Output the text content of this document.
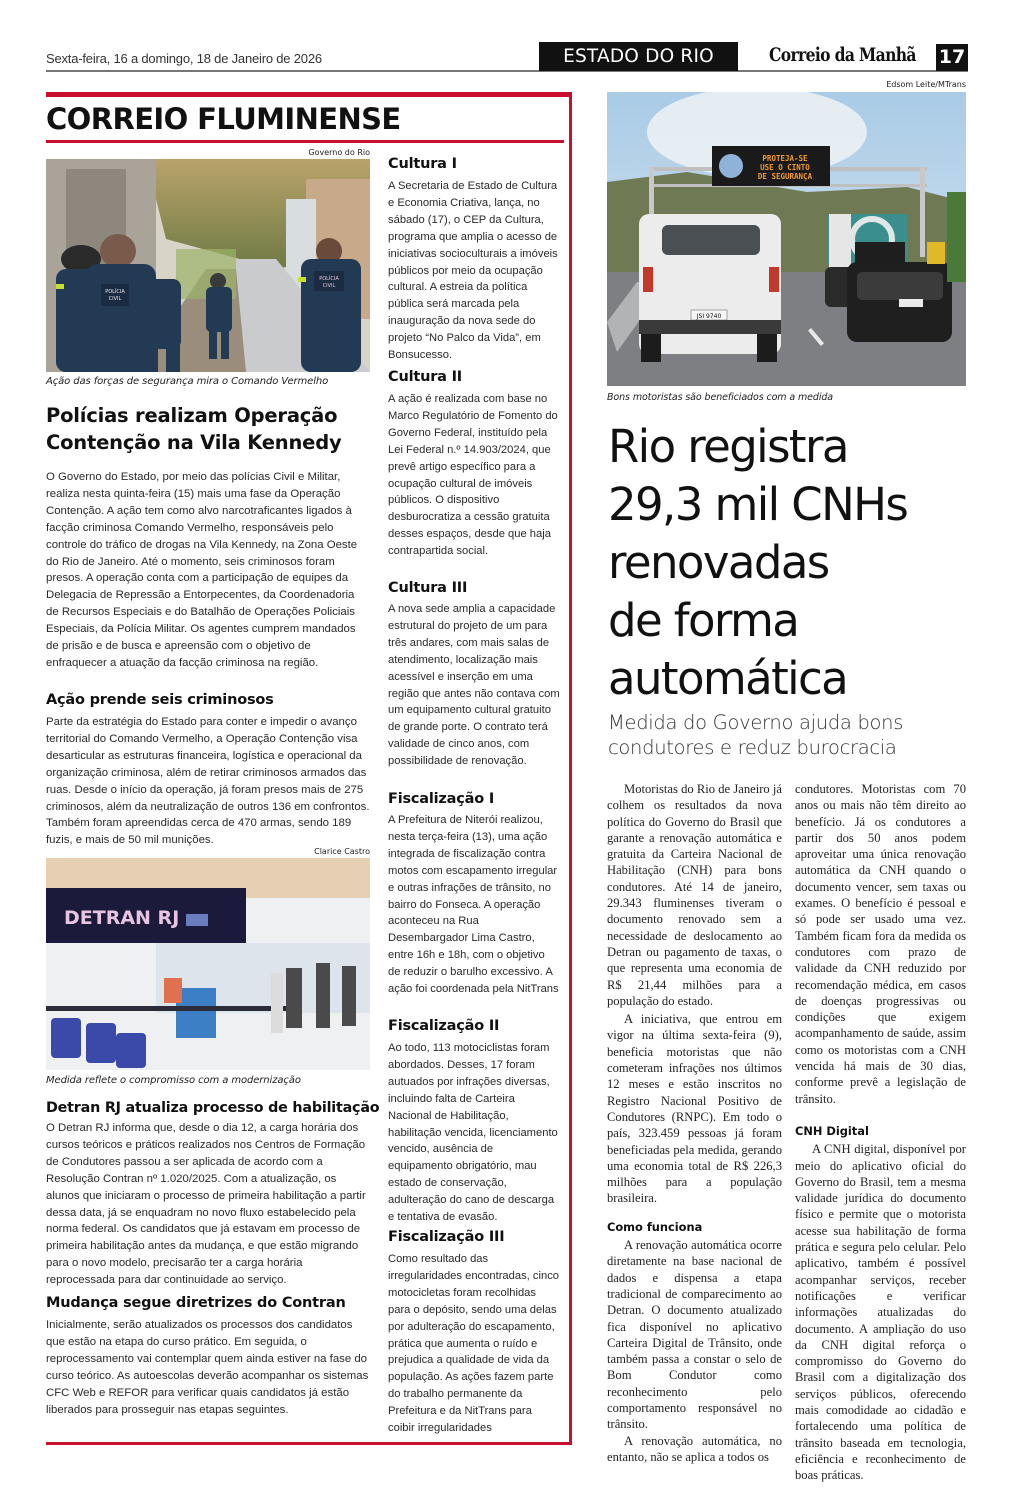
Sexta-feira, 16 a domingo, 18 de Janeiro de 2026	ESTADO DO RIO	Correio da Manhã 17
CORREIO FLUMINENSE
Governo do Rio
POLÍCIA
CIVIL
POLÍCIA
CIVIL
Ação das forças de segurança mira o Comando Vermelho
Polícias realizam Operação Contenção na Vila Kennedy

O Governo do Estado, por meio das polícias Civil e Militar, realiza nesta quinta-feira (15) mais uma fase da Operação Contenção. A ação tem como alvo narcotraficantes ligados à facção criminosa Comando Vermelho, responsáveis pelo controle do tráfico de drogas na Vila Kennedy, na Zona Oeste do Rio de Janeiro. Até o momento, seis criminosos foram presos. A operação conta com a participação de equipes da Delegacia de Repressão a Entorpecentes, da Coordenadoria de Recursos Especiais e do Batalhão de Operações Policiais Especiais, da Polícia Militar. Os agentes cumprem mandados de prisão e de busca e apreensão com o objetivo de enfraquecer a atuação da facção criminosa na região.

Ação prende seis criminosos

Parte da estratégia do Estado para conter e impedir o avanço territorial do Comando Vermelho, a Operação Contenção visa desarticular as estruturas financeira, logística e operacional da organização criminosa, além de retirar criminosos armados das ruas. Desde o início da operação, já foram presos mais de 275 criminosos, além da neutralização de outros 136 em confrontos. Também foram apreendidas cerca de 470 armas, sendo 189 fuzis, e mais de 50 mil munições.

Clarice Castro
DETRAN RJ
Medida reflete o compromisso com a modernização
Detran RJ atualiza processo de habilitação

O Detran RJ informa que, desde o dia 12, a carga horária dos cursos teóricos e práticos realizados nos Centros de Formação de Condutores passou a ser aplicada de acordo com a Resolução Contran nº 1.020/2025. Com a atualização, os alunos que iniciaram o processo de primeira habilitação a partir dessa data, já se enquadram no novo fluxo estabelecido pela norma federal. Os candidatos que já estavam em processo de primeira habilitação antes da mudança, e que estão migrando para o novo modelo, precisarão ter a carga horária reprocessada para dar continuidade ao serviço.

Mudança segue diretrizes do Contran

Inicialmente, serão atualizados os processos dos candidatos que estão na etapa do curso prático. Em seguida, o reprocessamento vai contemplar quem ainda estiver na fase do curso teórico. As autoescolas deverão acompanhar os sistemas CFC Web e REFOR para verificar quais candidatos já estão liberados para prosseguir nas etapas seguintes.

Cultura I

A Secretaria de Estado de Cultura e Economia Criativa, lança, no sábado (17), o CEP da Cultura, programa que amplia o acesso de iniciativas socioculturais a imóveis públicos por meio da ocupação cultural. A estreia da política pública será marcada pela inauguração da nova sede do projeto “No Palco da Vida”, em Bonsucesso.

Cultura II

A ação é realizada com base no Marco Regulatório de Fomento do Governo Federal, instituído pela Lei Federal n.º 14.903/2024, que prevê artigo específico para a ocupação cultural de imóveis públicos. O dispositivo desburocratiza a cessão gratuita desses espaços, desde que haja contrapartida social.

Cultura III

A nova sede amplia a capacidade estrutural do projeto de um para três andares, com mais salas de atendimento, localização mais acessível e inserção em uma região que antes não contava com um equipamento cultural gratuito de grande porte. O contrato terá validade de cinco anos, com possibilidade de renovação.

Fiscalização I

A Prefeitura de Niterói realizou, nesta terça-feira (13), uma ação integrada de fiscalização contra motos com escapamento irregular e outras infrações de trânsito, no bairro do Fonseca. A operação aconteceu na Rua Desembargador Lima Castro, entre 16h e 18h, com o objetivo de reduzir o barulho excessivo. A ação foi coordenada pela NitTrans

Fiscalização II

Ao todo, 113 motociclistas foram abordados. Desses, 17 foram autuados por infrações diversas, incluindo falta de Carteira Nacional de Habilitação, habilitação vencida, licenciamento vencido, ausência de equipamento obrigatório, mau estado de conservação, adulteração do cano de descarga e tentativa de evasão.

Fiscalização III

Como resultado das irregularidades encontradas, cinco motocicletas foram recolhidas para o depósito, sendo uma delas por adulteração do escapamento, prática que aumenta o ruído e prejudica a qualidade de vida da população. As ações fazem parte do trabalho permanente da Prefeitura e da NitTrans para coibir irregularidades

Edsom Leite/MTrans
PROTEJA-SE
USE O CINTO
DE SEGURANÇA
JSI 9740
Bons motoristas são beneficiados com a medida
Rio registra
29,3 mil CNHs
renovadas
de forma
automática

Medida do Governo ajuda bons condutores e reduz burocracia

Motoristas do Rio de Janeiro já colhem os resultados da nova política do Governo do Brasil que garante a renovação automática e gratuita da Carteira Nacional de Habilitação (CNH) para bons condutores. Até 14 de janeiro, 29.343 fluminenses tiveram o documento renovado sem a necessidade de deslocamento ao Detran ou pagamento de taxas, o que representa uma economia de R$ 21,44 milhões para a população do estado.

A iniciativa, que entrou em vigor na última sexta-feira (9), beneficia motoristas que não cometeram infrações nos últimos 12 meses e estão inscritos no Registro Nacional Positivo de Condutores (RNPC). Em todo o país, 323.459 pessoas já foram beneficiadas pela medida, gerando uma economia total de R$ 226,3 milhões para a população brasileira.

Como funciona

A renovação automática ocorre diretamente na base nacional de dados e dispensa a etapa tradicional de comparecimento ao Detran. O documento atualizado fica disponível no aplicativo Carteira Digital de Trânsito, onde também passa a constar o selo de Bom Condutor como reconhecimento pelo comportamento responsável no trânsito.

A renovação automática, no entanto, não se aplica a todos os

condutores. Motoristas com 70 anos ou mais não têm direito ao benefício. Já os condutores a partir dos 50 anos podem aproveitar uma única renovação automática da CNH quando o documento vencer, sem taxas ou exames. O benefício é pessoal e só pode ser usado uma vez. Também ficam fora da medida os condutores com prazo de validade da CNH reduzido por recomendação médica, em casos de doenças progressivas ou condições que exigem acompanhamento de saúde, assim como os motoristas com a CNH vencida há mais de 30 dias, conforme prevê a legislação de trânsito.

CNH Digital

A CNH digital, disponível por meio do aplicativo oficial do Governo do Brasil, tem a mesma validade jurídica do documento físico e permite que o motorista acesse sua habilitação de forma prática e segura pelo celular. Pelo aplicativo, também é possível acompanhar serviços, receber notificações e verificar informações atualizadas do documento. A ampliação do uso da CNH digital reforça o compromisso do Governo do Brasil com a digitalização dos serviços públicos, oferecendo mais comodidade ao cidadão e fortalecendo uma política de trânsito baseada em tecnologia, eficiência e reconhecimento de boas práticas.
